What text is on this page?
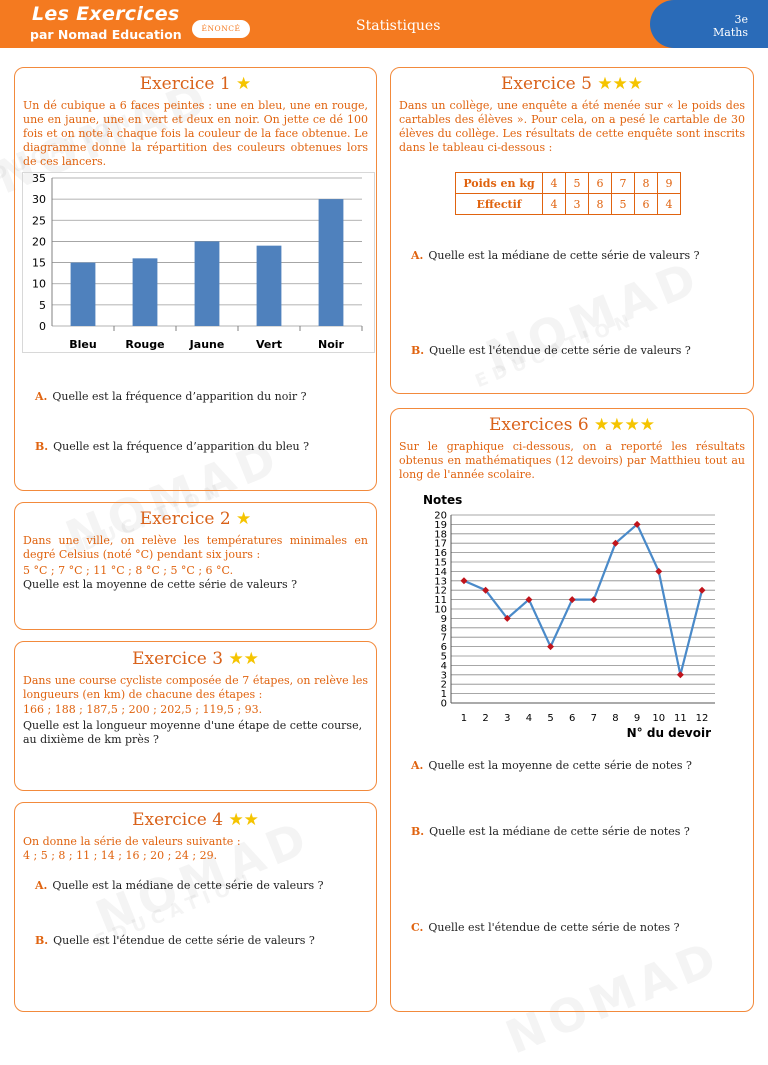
Les Exercices
par Nomad Education	ÉNONCÉ	Statistiques	3e
Maths
Exercice 1 ★
Un dé cubique a 6 faces peintes : une en bleu, une en rouge, une en jaune, une en vert et deux en noir. On jette ce dé 100 fois et on note à chaque fois la couleur de la face obtenue. Le diagramme donne la répartition des couleurs obtenues lors de ces lancers.
0
5
10
15
20
25
30
35
Bleu	Rouge Jaune	Vert	Noir
A. Quelle est la fréquence d’apparition du noir ?
B. Quelle est la fréquence d’apparition du bleu ?
Exercice 2 ★
Dans une ville, on relève les températures minimales en degré Celsius (noté °C) pendant six jours :
5 °C ; 7 °C ; 11 °C ; 8 °C ; 5 °C ; 6 °C.
Quelle est la moyenne de cette série de valeurs ?
Exercice 3 ★★
Dans une course cycliste composée de 7 étapes, on relève les longueurs (en km) de chacune des étapes :
166 ; 188 ; 187,5 ; 200 ; 202,5 ; 119,5 ; 93.
Quelle est la longueur moyenne d'une étape de cette course, au dixième de km près ?
Exercice 4 ★★
On donne la série de valeurs suivante :
4 ; 5 ; 8 ; 11 ; 14 ; 16 ; 20 ; 24 ; 29.
A. Quelle est la médiane de cette série de valeurs ?
B. Quelle est l'étendue de cette série de valeurs ?
Exercice 5 ★★★
Dans un collège, une enquête a été menée sur « le poids des cartables des élèves ». Pour cela, on a pesé le cartable de 30 élèves du collège. Les résultats de cette enquête sont inscrits dans le tableau ci-dessous :
Poids en kg	4	5	6	7	8	9
Effectif	4	3	8	5	6	4
A. Quelle est la médiane de cette série de valeurs ?
B. Quelle est l'étendue de cette série de valeurs ?
Exercices 6 ★★★★
Sur le graphique ci-dessous, on a reporté les résultats obtenus en mathématiques (12 devoirs) par Matthieu tout au long de l'année scolaire.
0
1
2
3
4
5
6
7
8
9
10
11
12
13
14
15
16
17
18
19
20
Notes
1 2 3 4 5 6 7 8 9 10 11 12
N° du devoir
A. Quelle est la moyenne de cette série de notes ?
B. Quelle est la médiane de cette série de notes ?
C. Quelle est l'étendue de cette série de notes ?
